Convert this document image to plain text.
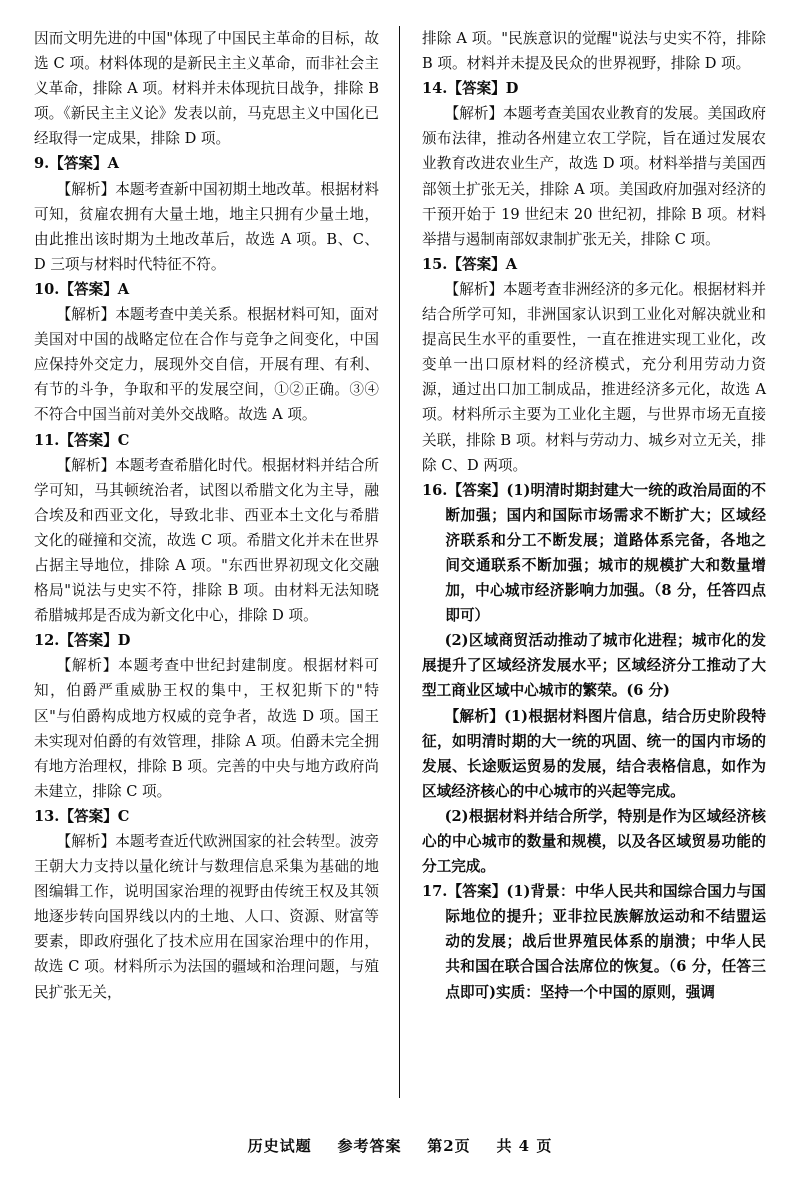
因而文明先进的中国"体现了中国民主革命的目标，故选 C 项。材料体现的是新民主主义革命，而非社会主义革命，排除 A 项。材料并未体现抗日战争，排除 B 项。《新民主主义论》发表以前，马克思主义中国化已经取得一定成果，排除 D 项。

9.【答案】A

【解析】本题考查新中国初期土地改革。根据材料可知，贫雇农拥有大量土地，地主只拥有少量土地，由此推出该时期为土地改革后，故选 A 项。B、C、D 三项与材料时代特征不符。

10.【答案】A

【解析】本题考查中美关系。根据材料可知，面对美国对中国的战略定位在合作与竞争之间变化，中国应保持外交定力，展现外交自信，开展有理、有利、有节的斗争，争取和平的发展空间，①②正确。③④不符合中国当前对美外交战略。故选 A 项。

11.【答案】C

【解析】本题考查希腊化时代。根据材料并结合所学可知，马其顿统治者，试图以希腊文化为主导，融合埃及和西亚文化，导致北非、西亚本土文化与希腊文化的碰撞和交流，故选 C 项。希腊文化并未在世界占据主导地位，排除 A 项。"东西世界初现文化交融格局"说法与史实不符，排除 B 项。由材料无法知晓希腊城邦是否成为新文化中心，排除 D 项。

12.【答案】D

【解析】本题考查中世纪封建制度。根据材料可知，伯爵严重威胁王权的集中，王权犯斯下的"特区"与伯爵构成地方权威的竞争者，故选 D 项。国王未实现对伯爵的有效管理，排除 A 项。伯爵未完全拥有地方治理权，排除 B 项。完善的中央与地方政府尚未建立，排除 C 项。

13.【答案】C

【解析】本题考查近代欧洲国家的社会转型。波旁王朝大力支持以量化统计与数理信息采集为基础的地图编辑工作，说明国家治理的视野由传统王权及其领地逐步转向国界线以内的土地、人口、资源、财富等要素，即政府强化了技术应用在国家治理中的作用，故选 C 项。材料所示为法国的疆域和治理问题，与殖民扩张无关，

排除 A 项。"民族意识的觉醒"说法与史实不符，排除 B 项。材料并未提及民众的世界视野，排除 D 项。

14.【答案】D

【解析】本题考查美国农业教育的发展。美国政府颁布法律，推动各州建立农工学院，旨在通过发展农业教育改进农业生产，故选 D 项。材料举措与美国西部领土扩张无关，排除 A 项。美国政府加强对经济的干预开始于 19 世纪末 20 世纪初，排除 B 项。材料举措与遏制南部奴隶制扩张无关，排除 C 项。

15.【答案】A

【解析】本题考查非洲经济的多元化。根据材料并结合所学可知，非洲国家认识到工业化对解决就业和提高民生水平的重要性，一直在推进实现工业化，改变单一出口原材料的经济模式，充分利用劳动力资源，通过出口加工制成品，推进经济多元化，故选 A 项。材料所示主要为工业化主题，与世界市场无直接关联，排除 B 项。材料与劳动力、城乡对立无关，排除 C、D 两项。

16.【答案】(1)明清时期封建大一统的政治局面的不断加强；国内和国际市场需求不断扩大；区域经济联系和分工不断发展；道路体系完备，各地之间交通联系不断加强；城市的规模扩大和数量增加，中心城市经济影响力加强。（8 分，任答四点即可）

(2)区域商贸活动推动了城市化进程；城市化的发展提升了区域经济发展水平；区域经济分工推动了大型工商业区域中心城市的繁荣。(6 分)

【解析】(1)根据材料图片信息，结合历史阶段特征，如明清时期的大一统的巩固、统一的国内市场的发展、长途贩运贸易的发展，结合表格信息，如作为区域经济核心的中心城市的兴起等完成。

(2)根据材料并结合所学，特别是作为区域经济核心的中心城市的数量和规模，以及各区域贸易功能的分工完成。

17.【答案】(1)背景：中华人民共和国综合国力与国际地位的提升；亚非拉民族解放运动和不结盟运动的发展；战后世界殖民体系的崩溃；中华人民共和国在联合国合法席位的恢复。（6 分，任答三点即可)实质：坚持一个中国的原则，强调

历史试题 参考答案 第2页 共 4 页
